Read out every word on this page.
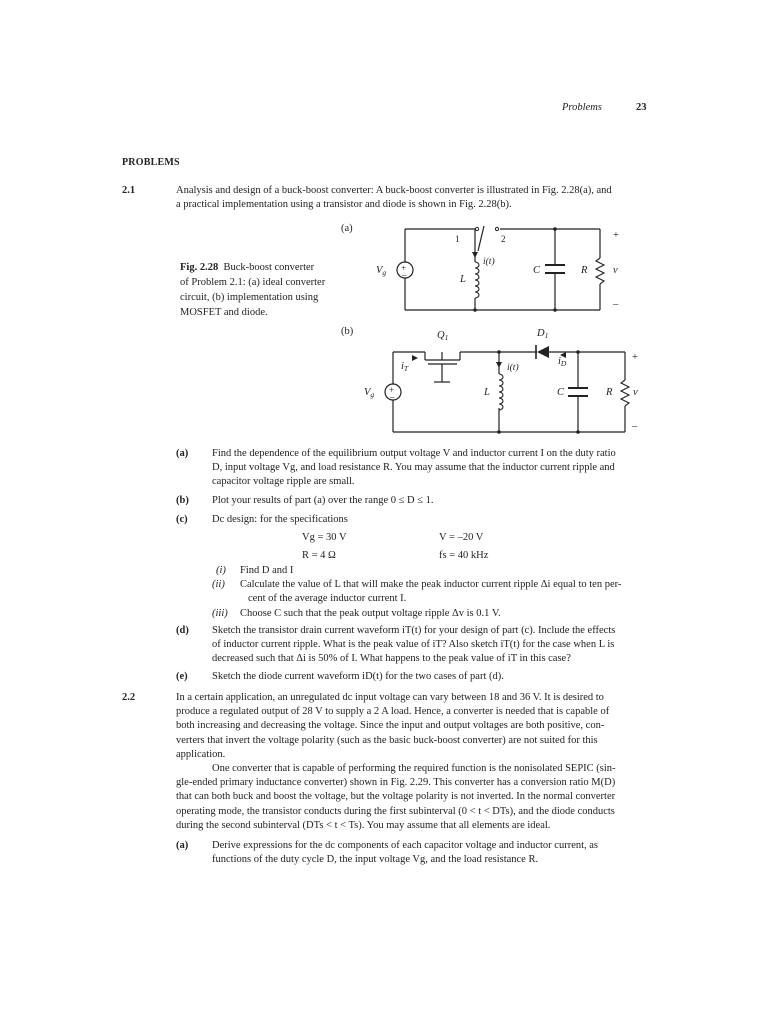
Problems	23
PROBLEMS
2.1	Analysis and design of a buck-boost converter: A buck-boost converter is illustrated in Fig. 2.28(a), and
a practical implementation using a transistor and diode is shown in Fig. 2.28(b).
Fig. 2.28 Buck-boost converter
of Problem 2.1: (a) ideal converter
circuit, (b) implementation using
MOSFET and diode.
(a)
1	2
i(t)
$V_g$ +
–	L
C	R v
+
–
(b)	$Q_1$	$D_1$
$i_T$	i(t)
$i_D$
$V_g$ +
–	L	C	R v
+
–
(a) Find the dependence of the equilibrium output voltage V and inductor current I on the duty ratio
D, input voltage Vg, and load resistance R. You may assume that the inductor current ripple and
capacitor voltage ripple are small.
(b) Plot your results of part (a) over the range 0 ≤ D ≤ 1.
(c) Dc design: for the specifications
Vg = 30 V	V = –20 V
R = 4 Ω	fs = 40 kHz
(i) Find D and I
(ii) Calculate the value of L that will make the peak inductor current ripple Δi equal to ten per-
cent of the average inductor current I.
(iii) Choose C such that the peak output voltage ripple Δv is 0.1 V.
(d) Sketch the transistor drain current waveform iT(t) for your design of part (c). Include the effects
of inductor current ripple. What is the peak value of iT? Also sketch iT(t) for the case when L is
decreased such that Δi is 50% of I. What happens to the peak value of iT in this case?
(e) Sketch the diode current waveform iD(t) for the two cases of part (d).
2.2	In a certain application, an unregulated dc input voltage can vary between 18 and 36 V. It is desired to
produce a regulated output of 28 V to supply a 2 A load. Hence, a converter is needed that is capable of
both increasing and decreasing the voltage. Since the input and output voltages are both positive, con-
verters that invert the voltage polarity (such as the basic buck-boost converter) are not suited for this
application.
One converter that is capable of performing the required function is the nonisolated SEPIC (sin-
gle-ended primary inductance converter) shown in Fig. 2.29. This converter has a conversion ratio M(D)
that can both buck and boost the voltage, but the voltage polarity is not inverted. In the normal converter
operating mode, the transistor conducts during the first subinterval (0 < t < DTs), and the diode conducts
during the second subinterval (DTs < t < Ts). You may assume that all elements are ideal.
(a) Derive expressions for the dc components of each capacitor voltage and inductor current, as
functions of the duty cycle D, the input voltage Vg, and the load resistance R.
